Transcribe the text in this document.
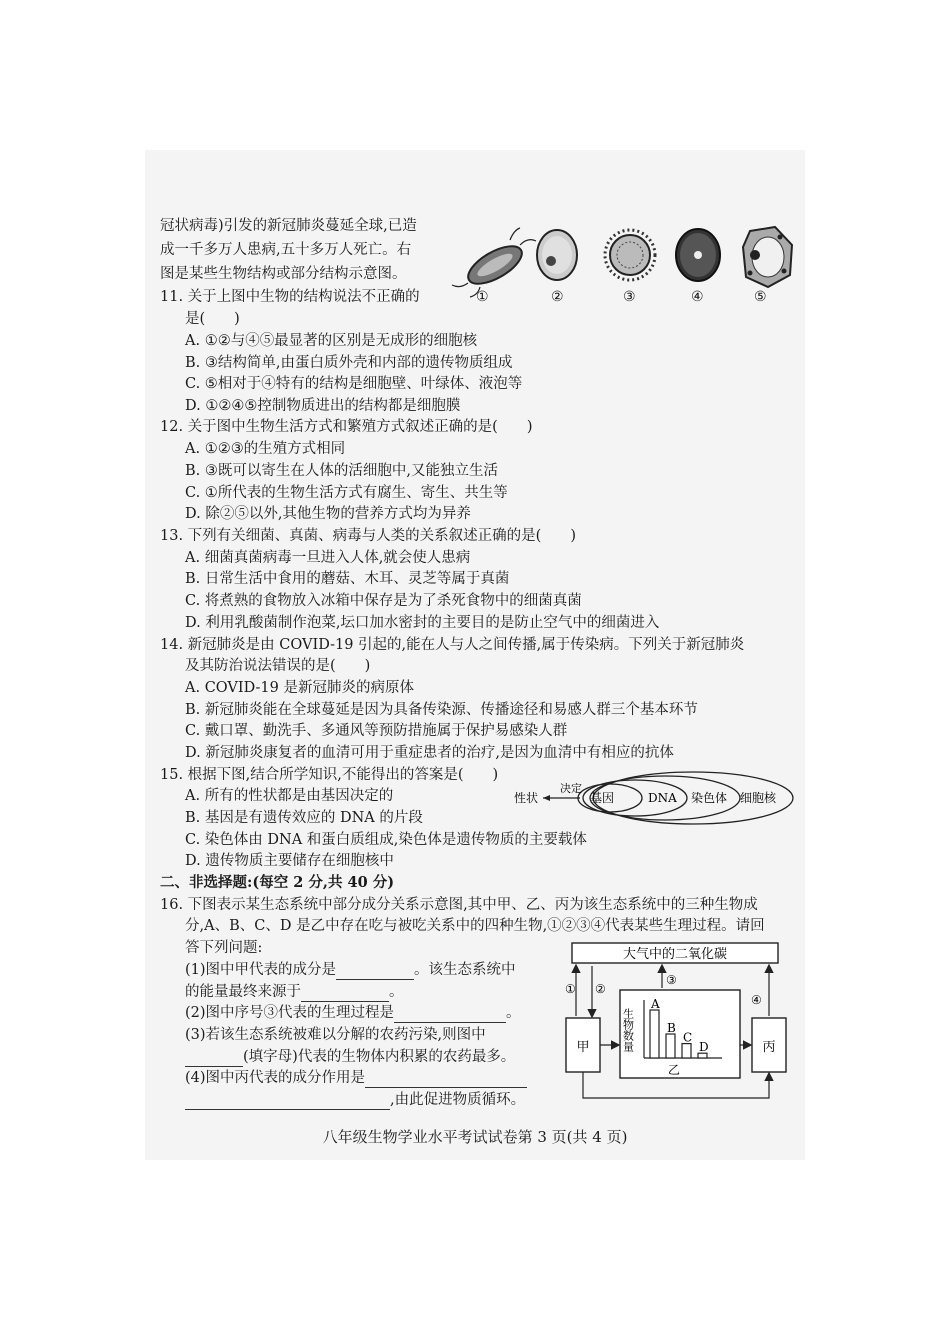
冠状病毒)引发的新冠肺炎蔓延全球,已造
成一千多万人患病,五十多万人死亡。右
图是某些生物结构或部分结构示意图。
①	②	③	④	⑤
11. 关于上图中生物的结构说法不正确的
是(　　)
A. ①②与④⑤最显著的区别是无成形的细胞核
B. ③结构简单,由蛋白质外壳和内部的遗传物质组成
C. ⑤相对于④特有的结构是细胞壁、叶绿体、液泡等
D. ①②④⑤控制物质进出的结构都是细胞膜
12. 关于图中生物生活方式和繁殖方式叙述正确的是(　　)
A. ①②③的生殖方式相同
B. ③既可以寄生在人体的活细胞中,又能独立生活
C. ①所代表的生物生活方式有腐生、寄生、共生等
D. 除②⑤以外,其他生物的营养方式均为异养
13. 下列有关细菌、真菌、病毒与人类的关系叙述正确的是(　　)
A. 细菌真菌病毒一旦进入人体,就会使人患病
B. 日常生活中食用的蘑菇、木耳、灵芝等属于真菌
C. 将煮熟的食物放入冰箱中保存是为了杀死食物中的细菌真菌
D. 利用乳酸菌制作泡菜,坛口加水密封的主要目的是防止空气中的细菌进入
14. 新冠肺炎是由 COVID-19 引起的,能在人与人之间传播,属于传染病。下列关于新冠肺炎
及其防治说法错误的是(　　)
A. COVID-19 是新冠肺炎的病原体
B. 新冠肺炎能在全球蔓延是因为具备传染源、传播途径和易感人群三个基本环节
C. 戴口罩、勤洗手、多通风等预防措施属于保护易感染人群
D. 新冠肺炎康复者的血清可用于重症患者的治疗,是因为血清中有相应的抗体
15. 根据下图,结合所学知识,不能得出的答案是(　　)
A. 所有的性状都是由基因决定的
B. 基因是有遗传效应的 DNA 的片段
C. 染色体由 DNA 和蛋白质组成,染色体是遗传物质的主要载体
D. 遗传物质主要储存在细胞核中
性状
决定
基因	DNA 染色体 细胞核
二、非选择题:(每空 2 分,共 40 分)
16. 下图表示某生态系统中部分成分关系示意图,其中甲、乙、丙为该生态系统中的三种生物成
分,A、B、C、D 是乙中存在吃与被吃关系中的四种生物,①②③④代表某些生理过程。请回
答下列问题:
(1)图中甲代表的成分是	。该生态系统中
的能量最终来源于	。
(2)图中序号③代表的生理过程是	。
(3)若该生态系统被难以分解的农药污染,则图中
(填字母)代表的生物体内积累的农药最多。
(4)图中丙代表的成分作用是
,由此促进物质循环。
大气中的二氧化碳
甲	丙
① ②
③
④
生物数量
A
B
C
D
乙
八年级生物学业水平考试试卷第 3 页(共 4 页)
